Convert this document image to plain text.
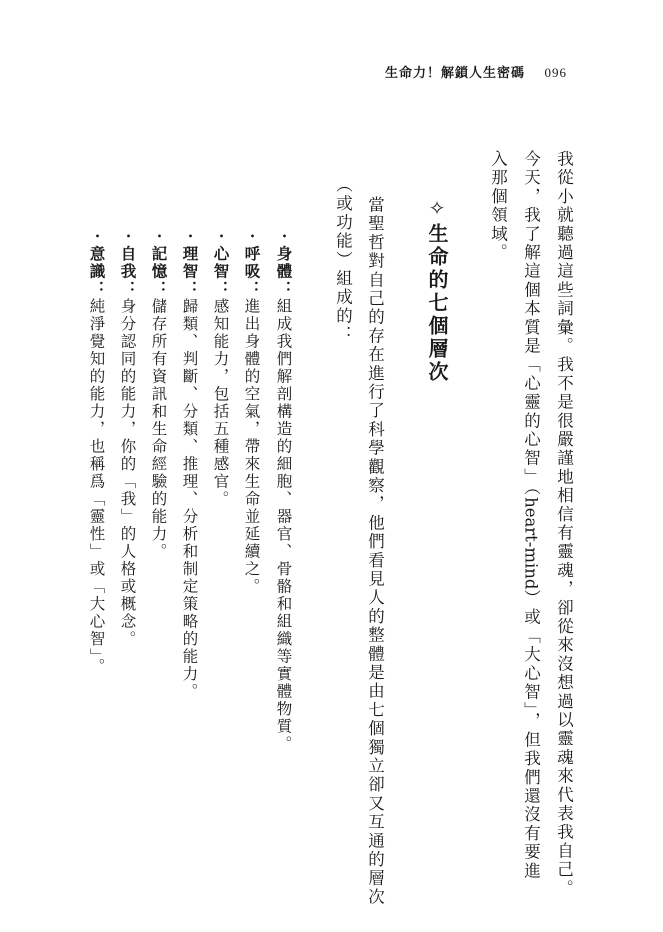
生命力！解鎖人生密碼 096
我從小就聽過這些詞彙。我不是很嚴謹地相信有靈魂，卻從來沒想過以靈魂來代表我自己。
今天，我了解這個本質是「心靈的心智」（heart-mind）或「大心智」，但我們還沒有要進
入那個領域。
✧生命的七個層次
當聖哲對自己的存在進行了科學觀察，他們看見人的整體是由七個獨立卻又互通的層次
（或功能）組成的：
・身體：組成我們解剖構造的細胞、器官、骨骼和組織等實體物質。
・呼吸：進出身體的空氣，帶來生命並延續之。
・心智：感知能力，包括五種感官。
・理智：歸類、判斷、分類、推理、分析和制定策略的能力。
・記憶：儲存所有資訊和生命經驗的能力。
・自我：身分認同的能力，你的「我」的人格或概念。
・意識：純淨覺知的能力，也稱爲「靈性」或「大心智」。
